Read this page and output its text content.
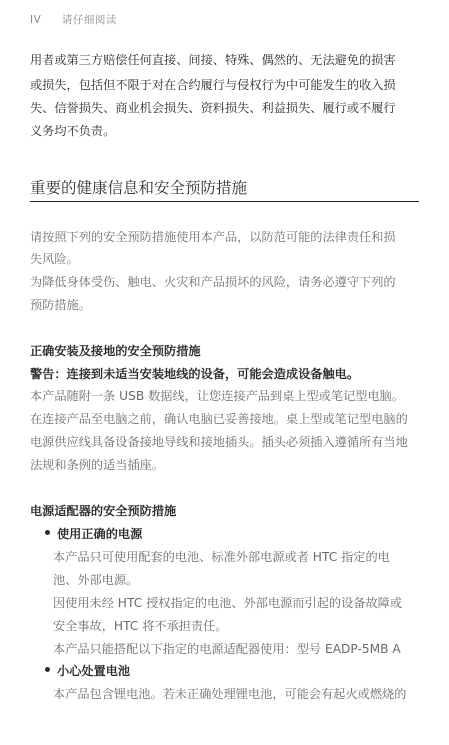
IV 请仔细阅读
用者或第三方赔偿任何直接、间接、特殊、偶然的、无法避免的损害
或损失，包括但不限于对在合约履行与侵权行为中可能发生的收入损
失、信誉损失、商业机会损失、资料损失、利益损失、履行或不履行
义务均不负责。
重要的健康信息和安全预防措施
请按照下列的安全预防措施使用本产品，以防范可能的法律责任和损
失风险。
为降低身体受伤、触电、火灾和产品损坏的风险，请务必遵守下列的
预防措施。
正确安装及接地的安全预防措施
警告：连接到未适当安装地线的设备，可能会造成设备触电。
本产品随附一条 USB 数据线，让您连接产品到桌上型或笔记型电脑。
在连接产品至电脑之前，确认电脑已妥善接地。桌上型或笔记型电脑的
电源供应线具备设备接地导线和接地插头。插头必须插入遵循所有当地
法规和条例的适当插座。
电源适配器的安全预防措施
使用正确的电源
本产品只可使用配套的电池、标准外部电源或者 HTC 指定的电
池、外部电源。
因使用未经 HTC 授权指定的电池、外部电源而引起的设备故障或
安全事故，HTC 将不承担责任。
本产品只能搭配以下指定的电源适配器使用：型号 EADP-5MB A
小心处置电池
本产品包含锂电池。若未正确处理锂电池，可能会有起火或燃烧的
